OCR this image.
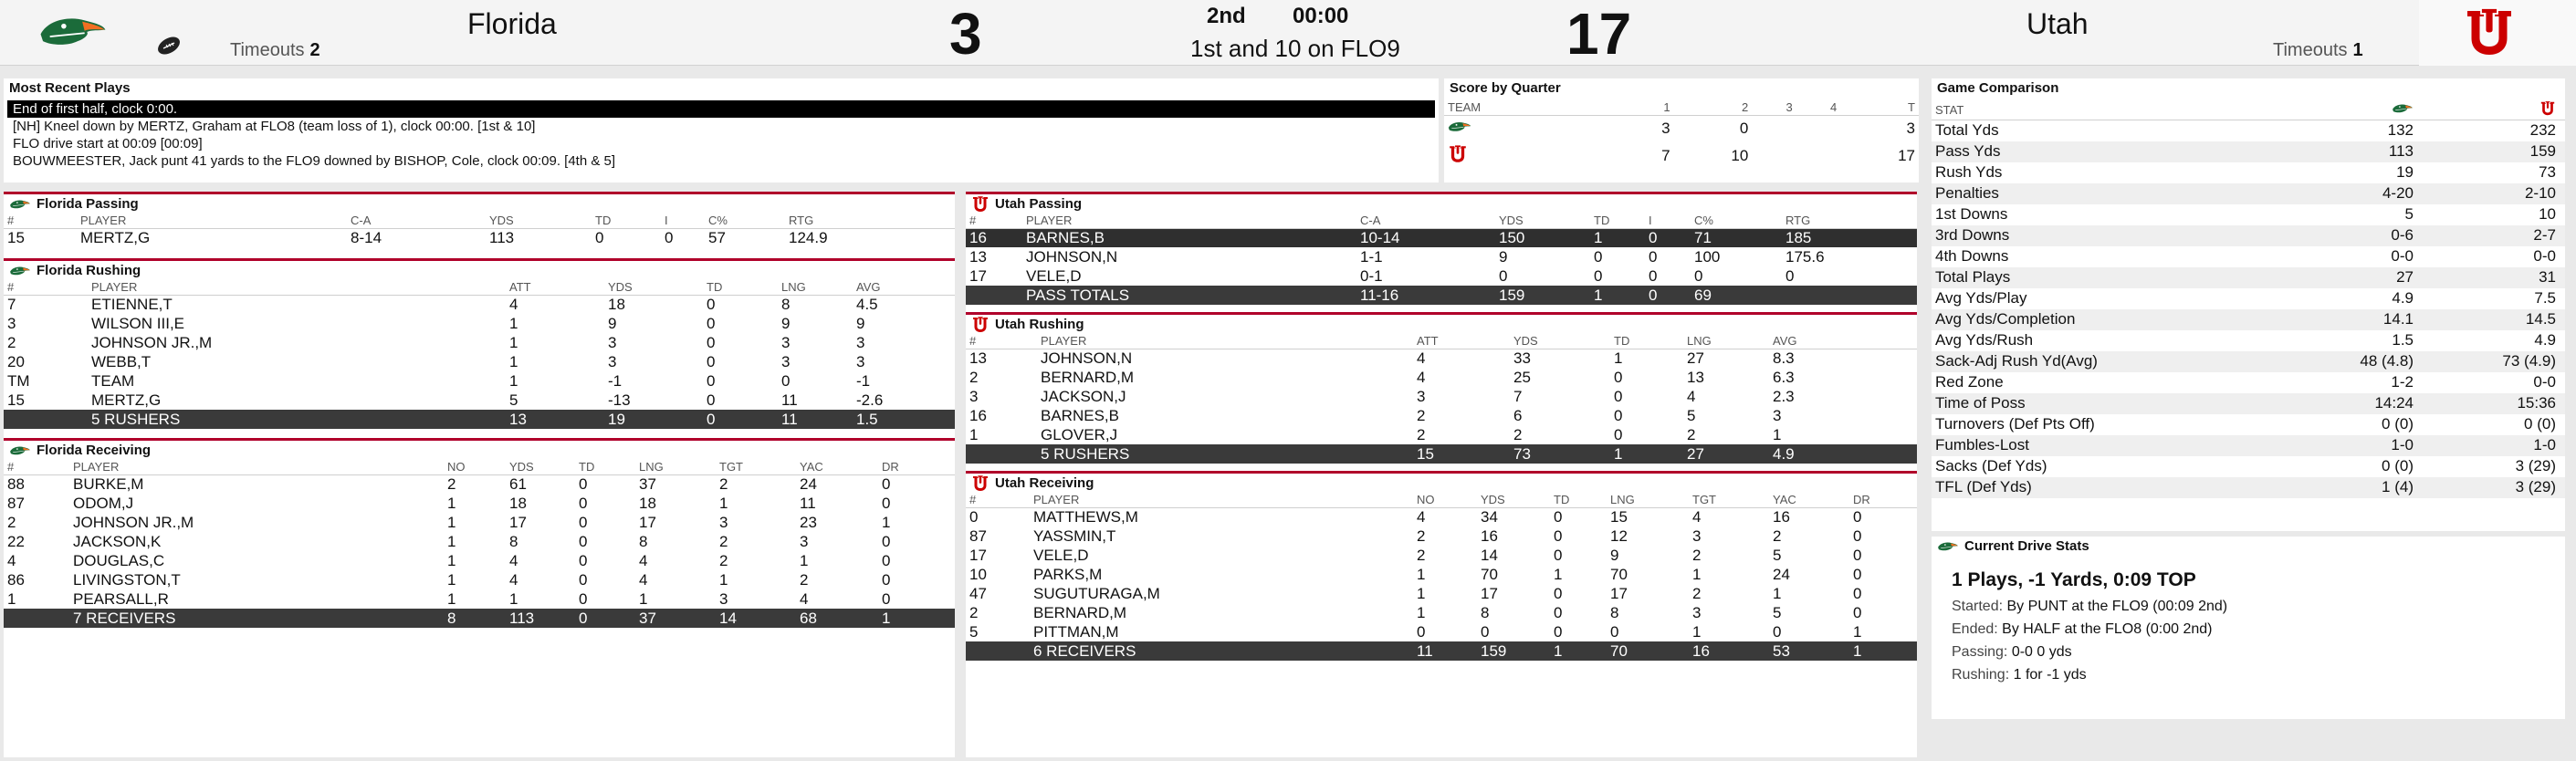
Timeouts 2
Florida	3	2nd 00:00
1st and 10 on FLO9	17	Utah
Timeouts 1
Most Recent Plays
End of first half, clock 0:00.
[NH] Kneel down by MERTZ, Graham at FLO8 (team loss of 1), clock 00:00. [1st & 10]
FLO drive start at 00:09 [00:09]
BOUWMEESTER, Jack punt 41 yards to the FLO9 downed by BISHOP, Cole, clock 00:09. [4th & 5]
Score by Quarter
TEAM	1	2	3	4	T
	3	0			3
	7	10			17
Florida Passing
#	PLAYER	C-A	YDS	TD	I	C%	RTG
15	MERTZ,G	8-14	113	0	0	57	124.9
Florida Rushing
#	PLAYER	ATT	YDS	TD	LNG	AVG
7	ETIENNE,T	4	18	0	8	4.5
3	WILSON III,E	1	9	0	9	9
2	JOHNSON JR.,M	1	3	0	3	3
20	WEBB,T	1	3	0	3	3
TM	TEAM	1	-1	0	0	-1
15	MERTZ,G	5	-13	0	11	-2.6
	5 RUSHERS	13	19	0	11	1.5
Florida Receiving
#	PLAYER	NO	YDS	TD	LNG	TGT	YAC	DR
88	BURKE,M	2	61	0	37	2	24	0
87	ODOM,J	1	18	0	18	1	11	0
2	JOHNSON JR.,M	1	17	0	17	3	23	1
22	JACKSON,K	1	8	0	8	2	3	0
4	DOUGLAS,C	1	4	0	4	2	1	0
86	LIVINGSTON,T	1	4	0	4	1	2	0
1	PEARSALL,R	1	1	0	1	3	4	0
	7 RECEIVERS	8	113	0	37	14	68	1
Utah Passing
#	PLAYER	C-A	YDS	TD	I	C%	RTG
16	BARNES,B	10-14	150	1	0	71	185
13	JOHNSON,N	1-1	9	0	0	100	175.6
17	VELE,D	0-1	0	0	0	0	0
	PASS TOTALS	11-16	159	1	0	69	
Utah Rushing
#	PLAYER	ATT	YDS	TD	LNG	AVG
13	JOHNSON,N	4	33	1	27	8.3
2	BERNARD,M	4	25	0	13	6.3
3	JACKSON,J	3	7	0	4	2.3
16	BARNES,B	2	6	0	5	3
1	GLOVER,J	2	2	0	2	1
	5 RUSHERS	15	73	1	27	4.9
Utah Receiving
#	PLAYER	NO	YDS	TD	LNG	TGT	YAC	DR
0	MATTHEWS,M	4	34	0	15	4	16	0
87	YASSMIN,T	2	16	0	12	3	2	0
17	VELE,D	2	14	0	9	2	5	0
10	PARKS,M	1	70	1	70	1	24	0
47	SUGUTURAGA,M	1	17	0	17	2	1	0
2	BERNARD,M	1	8	0	8	3	5	0
5	PITTMAN,M	0	0	0	0	1	0	1
	6 RECEIVERS	11	159	1	70	16	53	1
Game Comparison
STAT		
Total Yds	132	232
Pass Yds	113	159
Rush Yds	19	73
Penalties	4-20	2-10
1st Downs	5	10
3rd Downs	0-6	2-7
4th Downs	0-0	0-0
Total Plays	27	31
Avg Yds/Play	4.9	7.5
Avg Yds/Completion	14.1	14.5
Avg Yds/Rush	1.5	4.9
Sack-Adj Rush Yd(Avg)	48 (4.8)	73 (4.9)
Red Zone	1-2	0-0
Time of Poss	14:24	15:36
Turnovers (Def Pts Off)	0 (0)	0 (0)
Fumbles-Lost	1-0	1-0
Sacks (Def Yds)	0 (0)	3 (29)
TFL (Def Yds)	1 (4)	3 (29)
Current Drive Stats
1 Plays, -1 Yards, 0:09 TOP
Started: By PUNT at the FLO9 (00:09 2nd)
Ended: By HALF at the FLO8 (0:00 2nd)
Passing: 0-0 0 yds
Rushing: 1 for -1 yds
